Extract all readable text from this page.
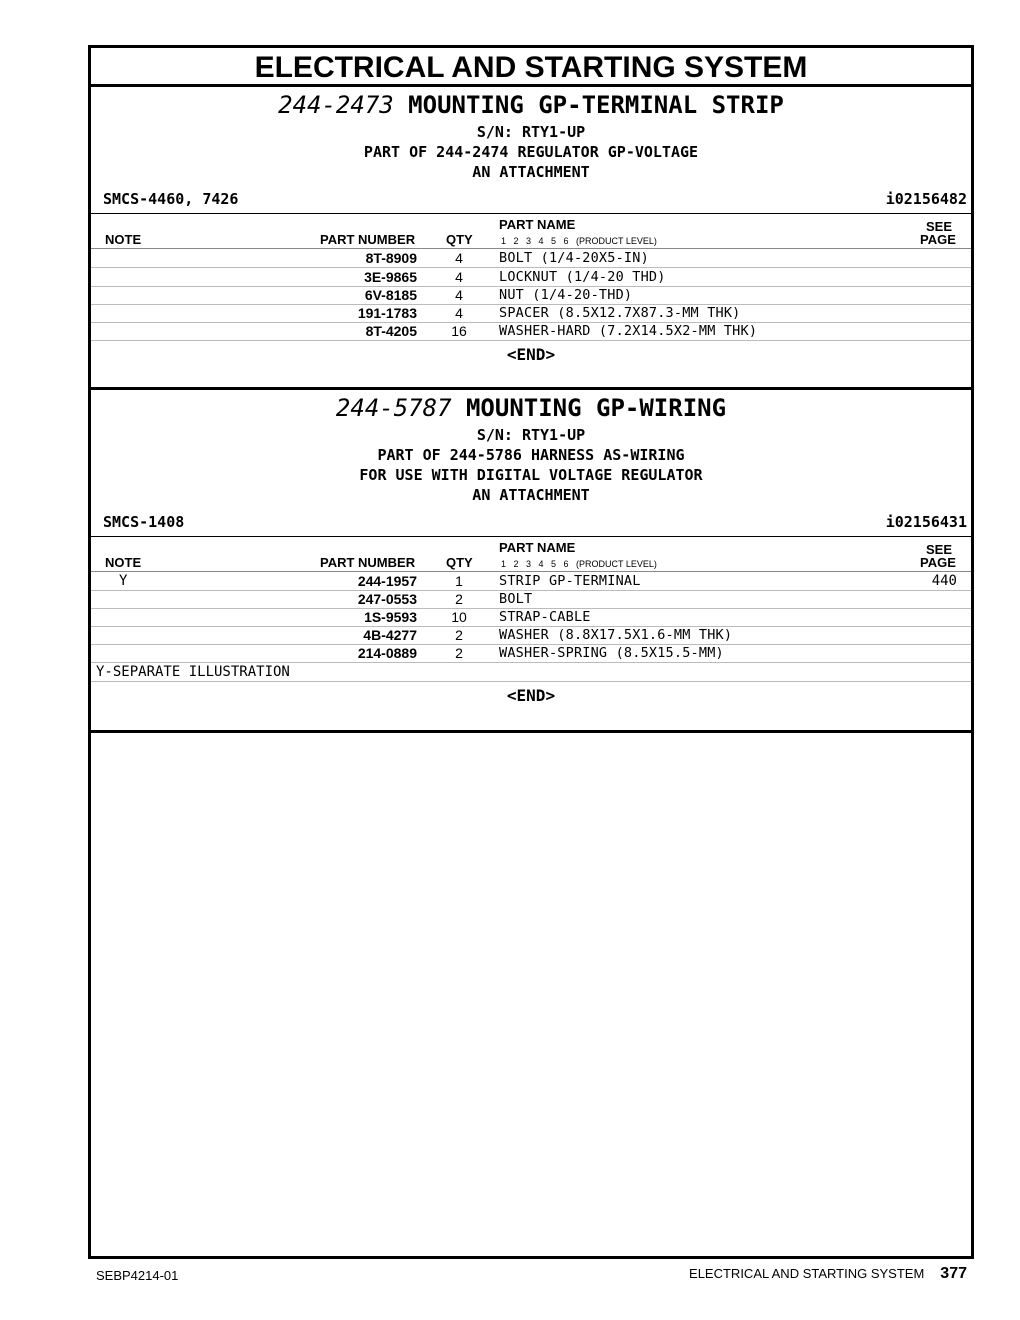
ELECTRICAL AND STARTING SYSTEM
244-2473 MOUNTING GP-TERMINAL STRIP
S/N: RTY1-UP
PART OF 244-2474 REGULATOR GP-VOLTAGE
AN ATTACHMENT
SMCS-4460, 7426	i02156482
PART NAME	SEE
NOTE	PART NUMBER QTY	1   2   3   4   5   6   (PRODUCT LEVEL)	PAGE
8T-8909	4	BOLT (1/4-20X5-IN)
3E-9865	4	LOCKNUT (1/4-20 THD)
6V-8185	4	NUT (1/4-20-THD)
191-1783	4	SPACER (8.5X12.7X87.3-MM THK)
8T-4205	16	WASHER-HARD (7.2X14.5X2-MM THK)
<END>
244-5787 MOUNTING GP-WIRING
S/N: RTY1-UP
PART OF 244-5786 HARNESS AS-WIRING
FOR USE WITH DIGITAL VOLTAGE REGULATOR
AN ATTACHMENT
SMCS-1408	i02156431
PART NAME	SEE
NOTE	PART NUMBER QTY	1   2   3   4   5   6   (PRODUCT LEVEL)	PAGE
Y	244-1957	1	STRIP GP-TERMINAL	440
247-0553	2	BOLT
1S-9593	10	STRAP-CABLE
4B-4277	2	WASHER (8.8X17.5X1.6-MM THK)
214-0889	2	WASHER-SPRING (8.5X15.5-MM)
Y-SEPARATE ILLUSTRATION
<END>
SEBP4214-01	ELECTRICAL AND STARTING SYSTEM 377
